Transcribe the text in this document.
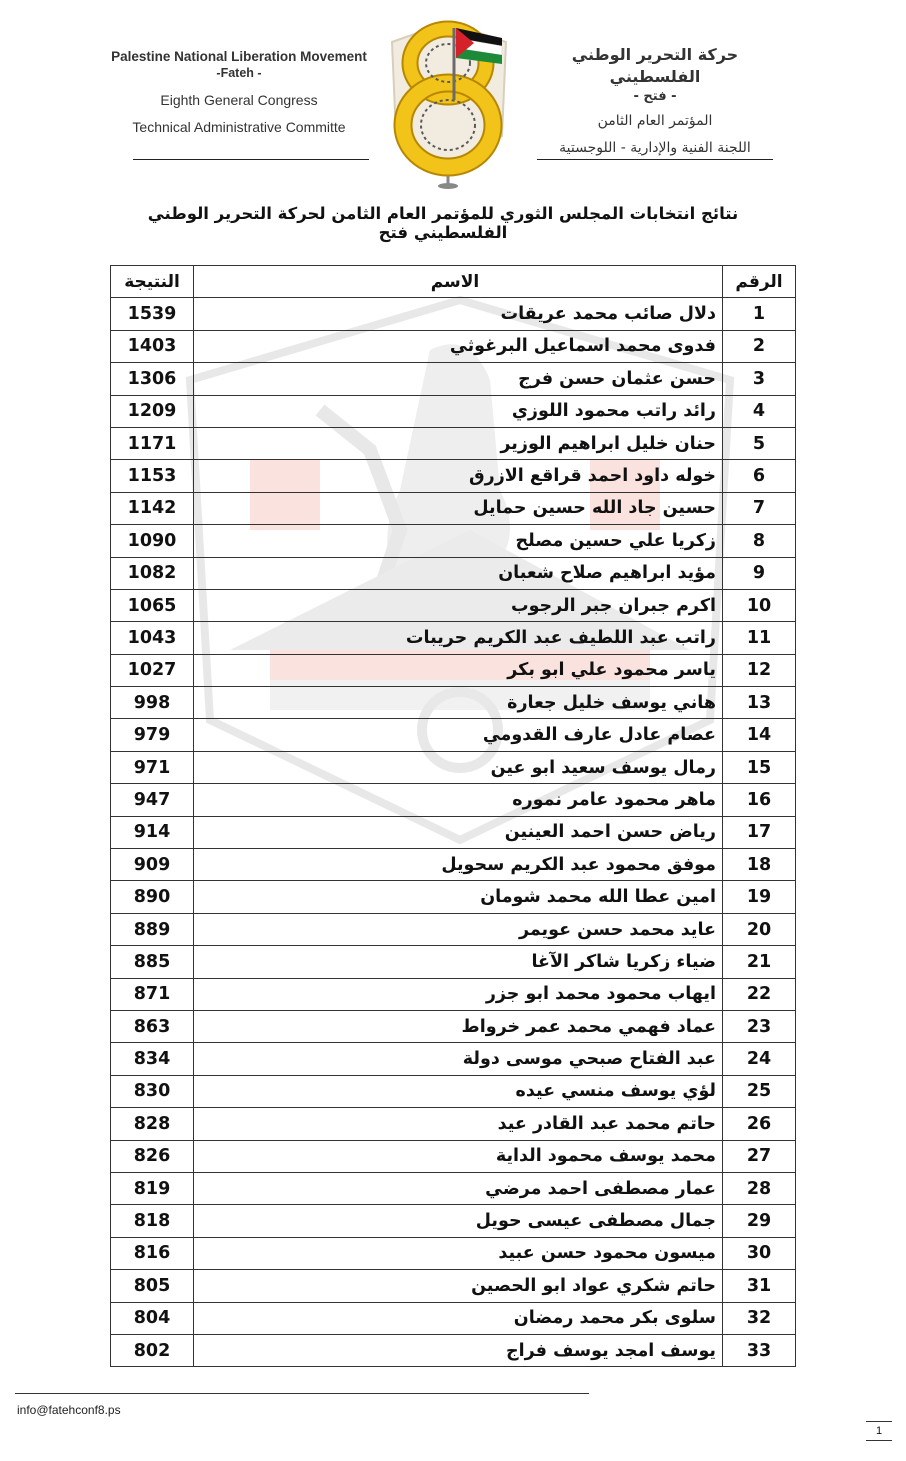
Palestine National Liberation Movement
-Fateh -
Eighth General Congress
Technical Administrative Committe
حركة التحرير الوطني الفلسطيني
- فتح -
المؤتمر العام الثامن
اللجنة الفنية والإدارية - اللوجستية
نتائج انتخابات المجلس الثوري للمؤتمر العام الثامن لحركة التحرير الوطني الفلسطيني فتح
الرقم	الاسم	النتيجة
1	دلال صائب محمد عريقات	1539
2	فدوى محمد اسماعيل البرغوثي	1403
3	حسن عثمان حسن فرج	1306
4	رائد راتب محمود اللوزي	1209
5	حنان خليل ابراهيم الوزير	1171
6	خوله داود احمد قراقع الازرق	1153
7	حسين جاد الله حسين حمايل	1142
8	زكريا علي حسين مصلح	1090
9	مؤيد ابراهيم صلاح شعبان	1082
10	اكرم جبران جبر الرجوب	1065
11	راتب عبد اللطيف عبد الكريم حريبات	1043
12	ياسر محمود علي ابو بكر	1027
13	هاني يوسف خليل جعارة	998
14	عصام عادل عارف القدومي	979
15	رمال يوسف سعيد ابو عين	971
16	ماهر محمود عامر نموره	947
17	رياض حسن احمد العينين	914
18	موفق محمود عبد الكريم سحويل	909
19	امين عطا الله محمد شومان	890
20	عايد محمد حسن عويمر	889
21	ضياء زكريا شاكر الآغا	885
22	ايهاب محمود محمد ابو جزر	871
23	عماد فهمي محمد عمر خرواط	863
24	عبد الفتاح صبحي موسى دولة	834
25	لؤي يوسف منسي عيده	830
26	حاتم محمد عبد القادر عيد	828
27	محمد يوسف محمود الداية	826
28	عمار مصطفى احمد مرضي	819
29	جمال مصطفى عيسى حويل	818
30	ميسون محمود حسن عبيد	816
31	حاتم شكري عواد ابو الحصين	805
32	سلوى بكر محمد رمضان	804
33	يوسف امجد يوسف فراج	802
info@fatehconf8.ps
1
